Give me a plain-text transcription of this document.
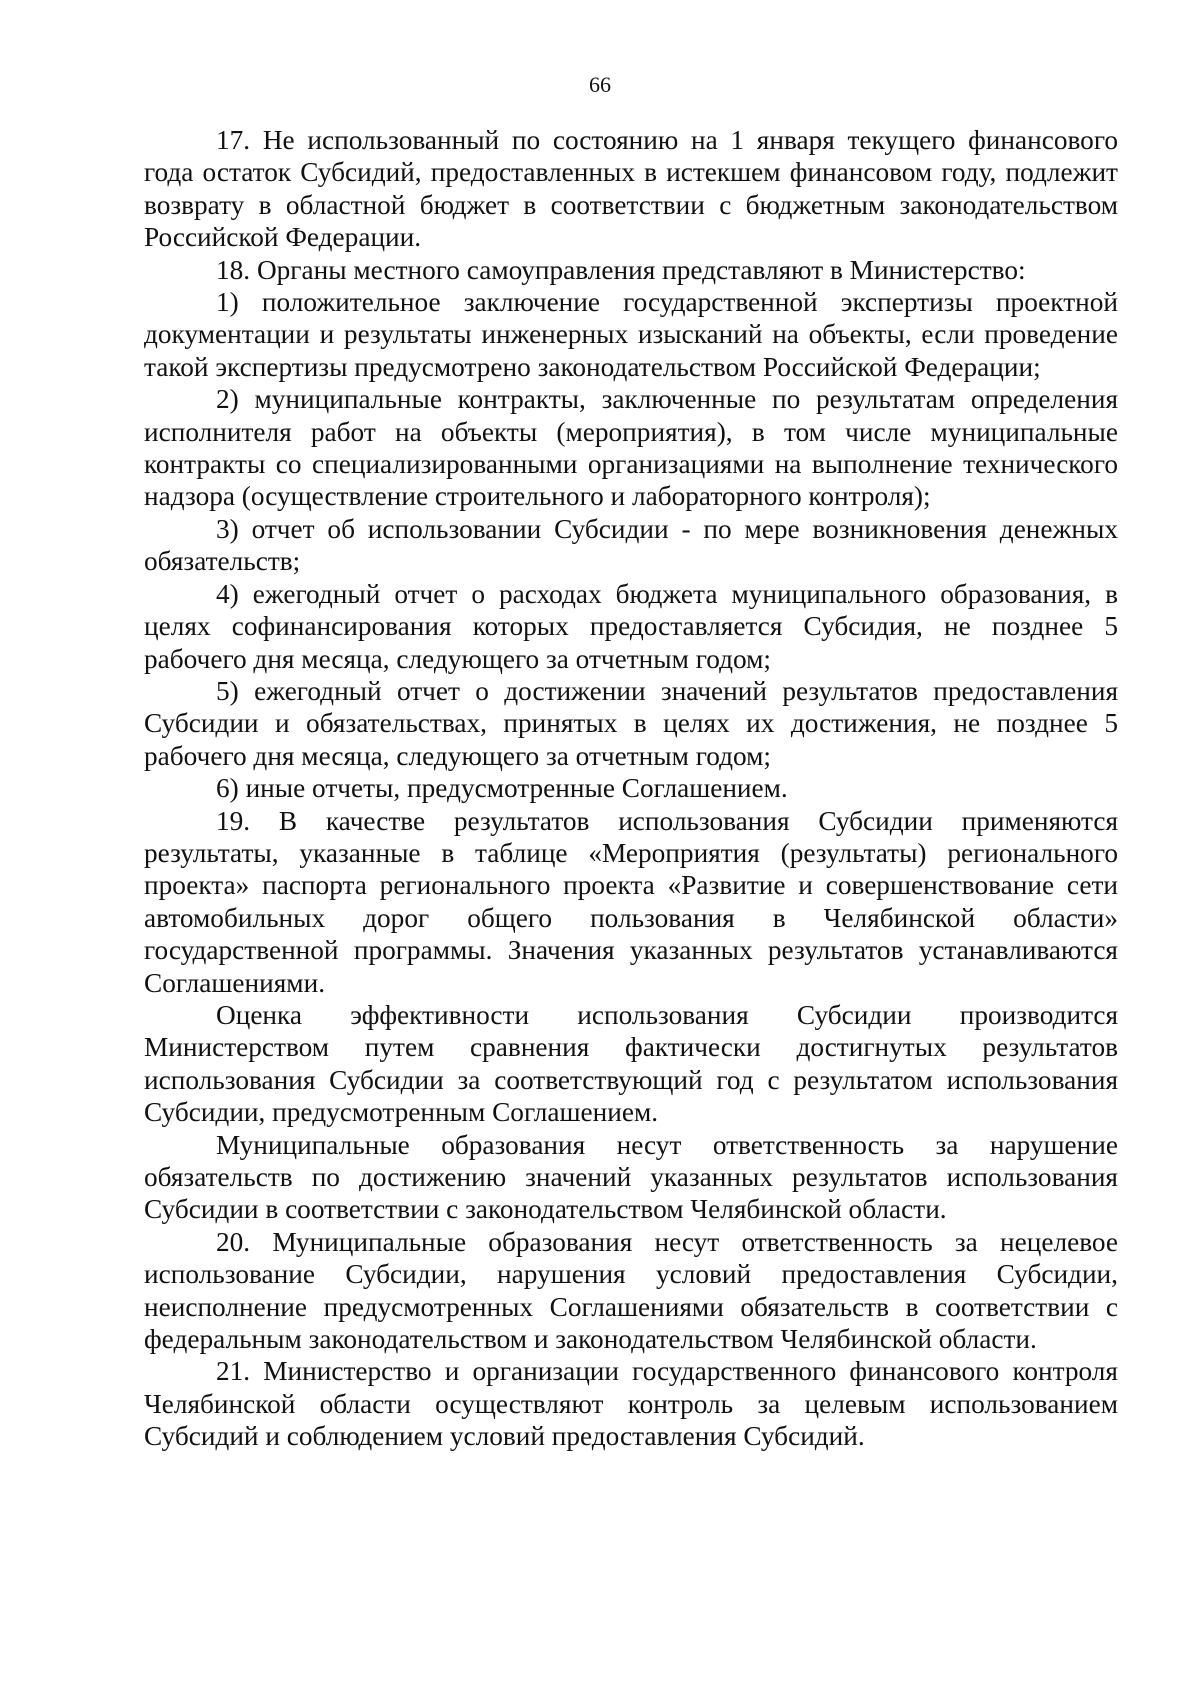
66

17. Не использованный по состоянию на 1 января текущего финансового года остаток Субсидий, предоставленных в истекшем финансовом году, подлежит возврату в областной бюджет в соответствии с бюджетным законодательством Российской Федерации.

18. Органы местного самоуправления представляют в Министерство:

1) положительное заключение государственной экспертизы проектной документации и результаты инженерных изысканий на объекты, если проведение такой экспертизы предусмотрено законодательством Российской Федерации;

2) муниципальные контракты, заключенные по результатам определения исполнителя работ на объекты (мероприятия), в том числе муниципальные контракты со специализированными организациями на выполнение технического надзора (осуществление строительного и лабораторного контроля);

3) отчет об использовании Субсидии - по мере возникновения денежных обязательств;

4) ежегодный отчет о расходах бюджета муниципального образования, в целях софинансирования которых предоставляется Субсидия, не позднее 5 рабочего дня месяца, следующего за отчетным годом;

5) ежегодный отчет о достижении значений результатов предоставления Субсидии и обязательствах, принятых в целях их достижения, не позднее 5 рабочего дня месяца, следующего за отчетным годом;

6) иные отчеты, предусмотренные Соглашением.

19. В качестве результатов использования Субсидии применяются результаты, указанные в таблице «Мероприятия (результаты) регионального проекта» паспорта регионального проекта «Развитие и совершенствование сети автомобильных дорог общего пользования в Челябинской области» государственной программы. Значения указанных результатов устанавливаются Соглашениями.

Оценка эффективности использования Субсидии производится Министерством путем сравнения фактически достигнутых результатов использования Субсидии за соответствующий год с результатом использования Субсидии, предусмотренным Соглашением.

Муниципальные образования несут ответственность за нарушение обязательств по достижению значений указанных результатов использования Субсидии в соответствии с законодательством Челябинской области.

20. Муниципальные образования несут ответственность за нецелевое использование Субсидии, нарушения условий предоставления Субсидии, неисполнение предусмотренных Соглашениями обязательств в соответствии с федеральным законодательством и законодательством Челябинской области.

21. Министерство и организации государственного финансового контроля Челябинской области осуществляют контроль за целевым использованием Субсидий и соблюдением условий предоставления Субсидий.
